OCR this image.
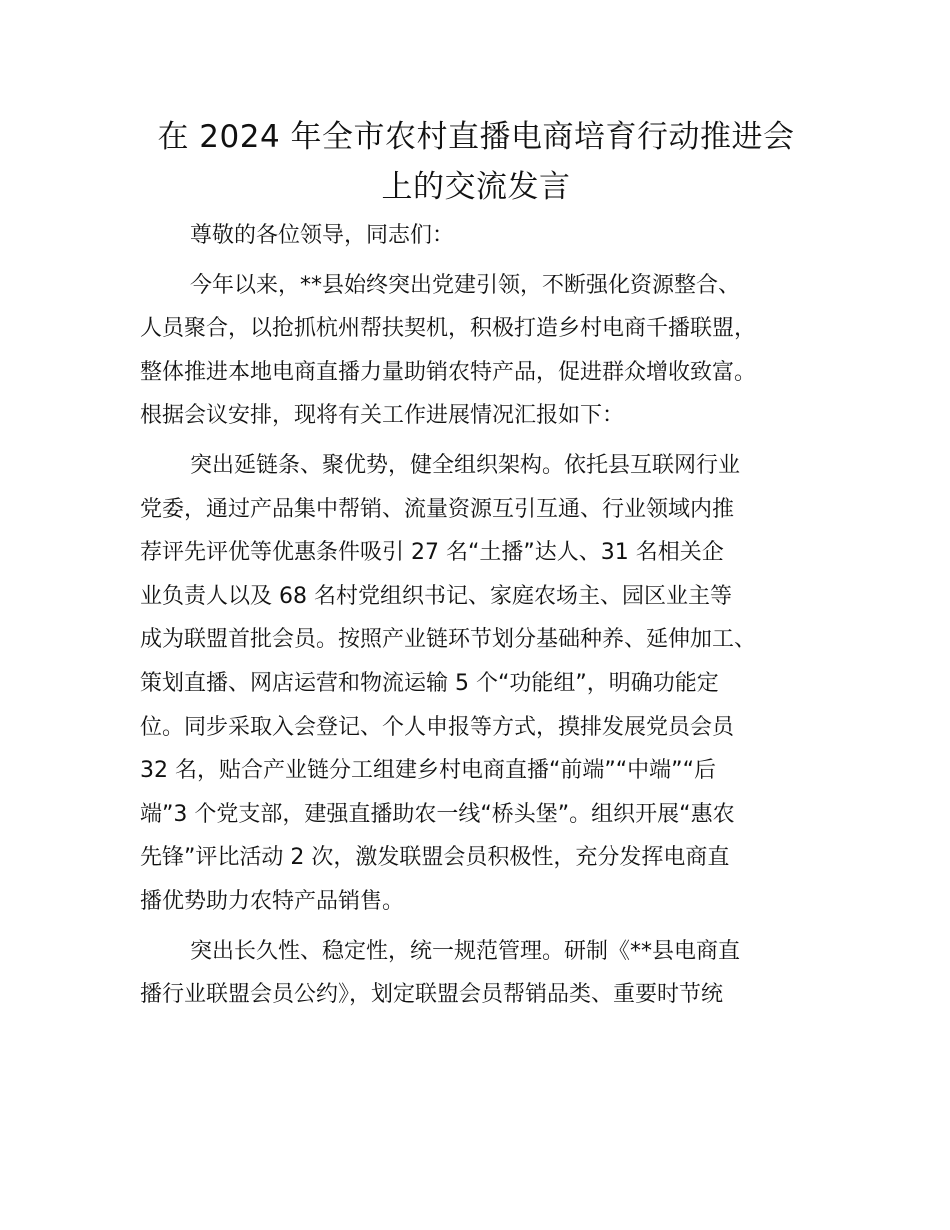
在 2024 年全市农村直播电商培育行动推进会
上的交流发言
尊敬的各位领导，同志们：
今年以来，**县始终突出党建引领，不断强化资源整合、
人员聚合，以抢抓杭州帮扶契机，积极打造乡村电商千播联盟，
整体推进本地电商直播力量助销农特产品，促进群众增收致富。
根据会议安排，现将有关工作进展情况汇报如下：
突出延链条、聚优势，健全组织架构。依托县互联网行业
党委，通过产品集中帮销、流量资源互引互通、行业领域内推
荐评先评优等优惠条件吸引 27 名“土播”达人、31 名相关企
业负责人以及 68 名村党组织书记、家庭农场主、园区业主等
成为联盟首批会员。按照产业链环节划分基础种养、延伸加工、
策划直播、网店运营和物流运输 5 个“功能组”，明确功能定
位。同步采取入会登记、个人申报等方式，摸排发展党员会员
32 名，贴合产业链分工组建乡村电商直播“前端”“中端”“后
端”3 个党支部，建强直播助农一线“桥头堡”。组织开展“惠农
先锋”评比活动 2 次，激发联盟会员积极性，充分发挥电商直
播优势助力农特产品销售。
突出长久性、稳定性，统一规范管理。研制《**县电商直
播行业联盟会员公约》，划定联盟会员帮销品类、重要时节统
